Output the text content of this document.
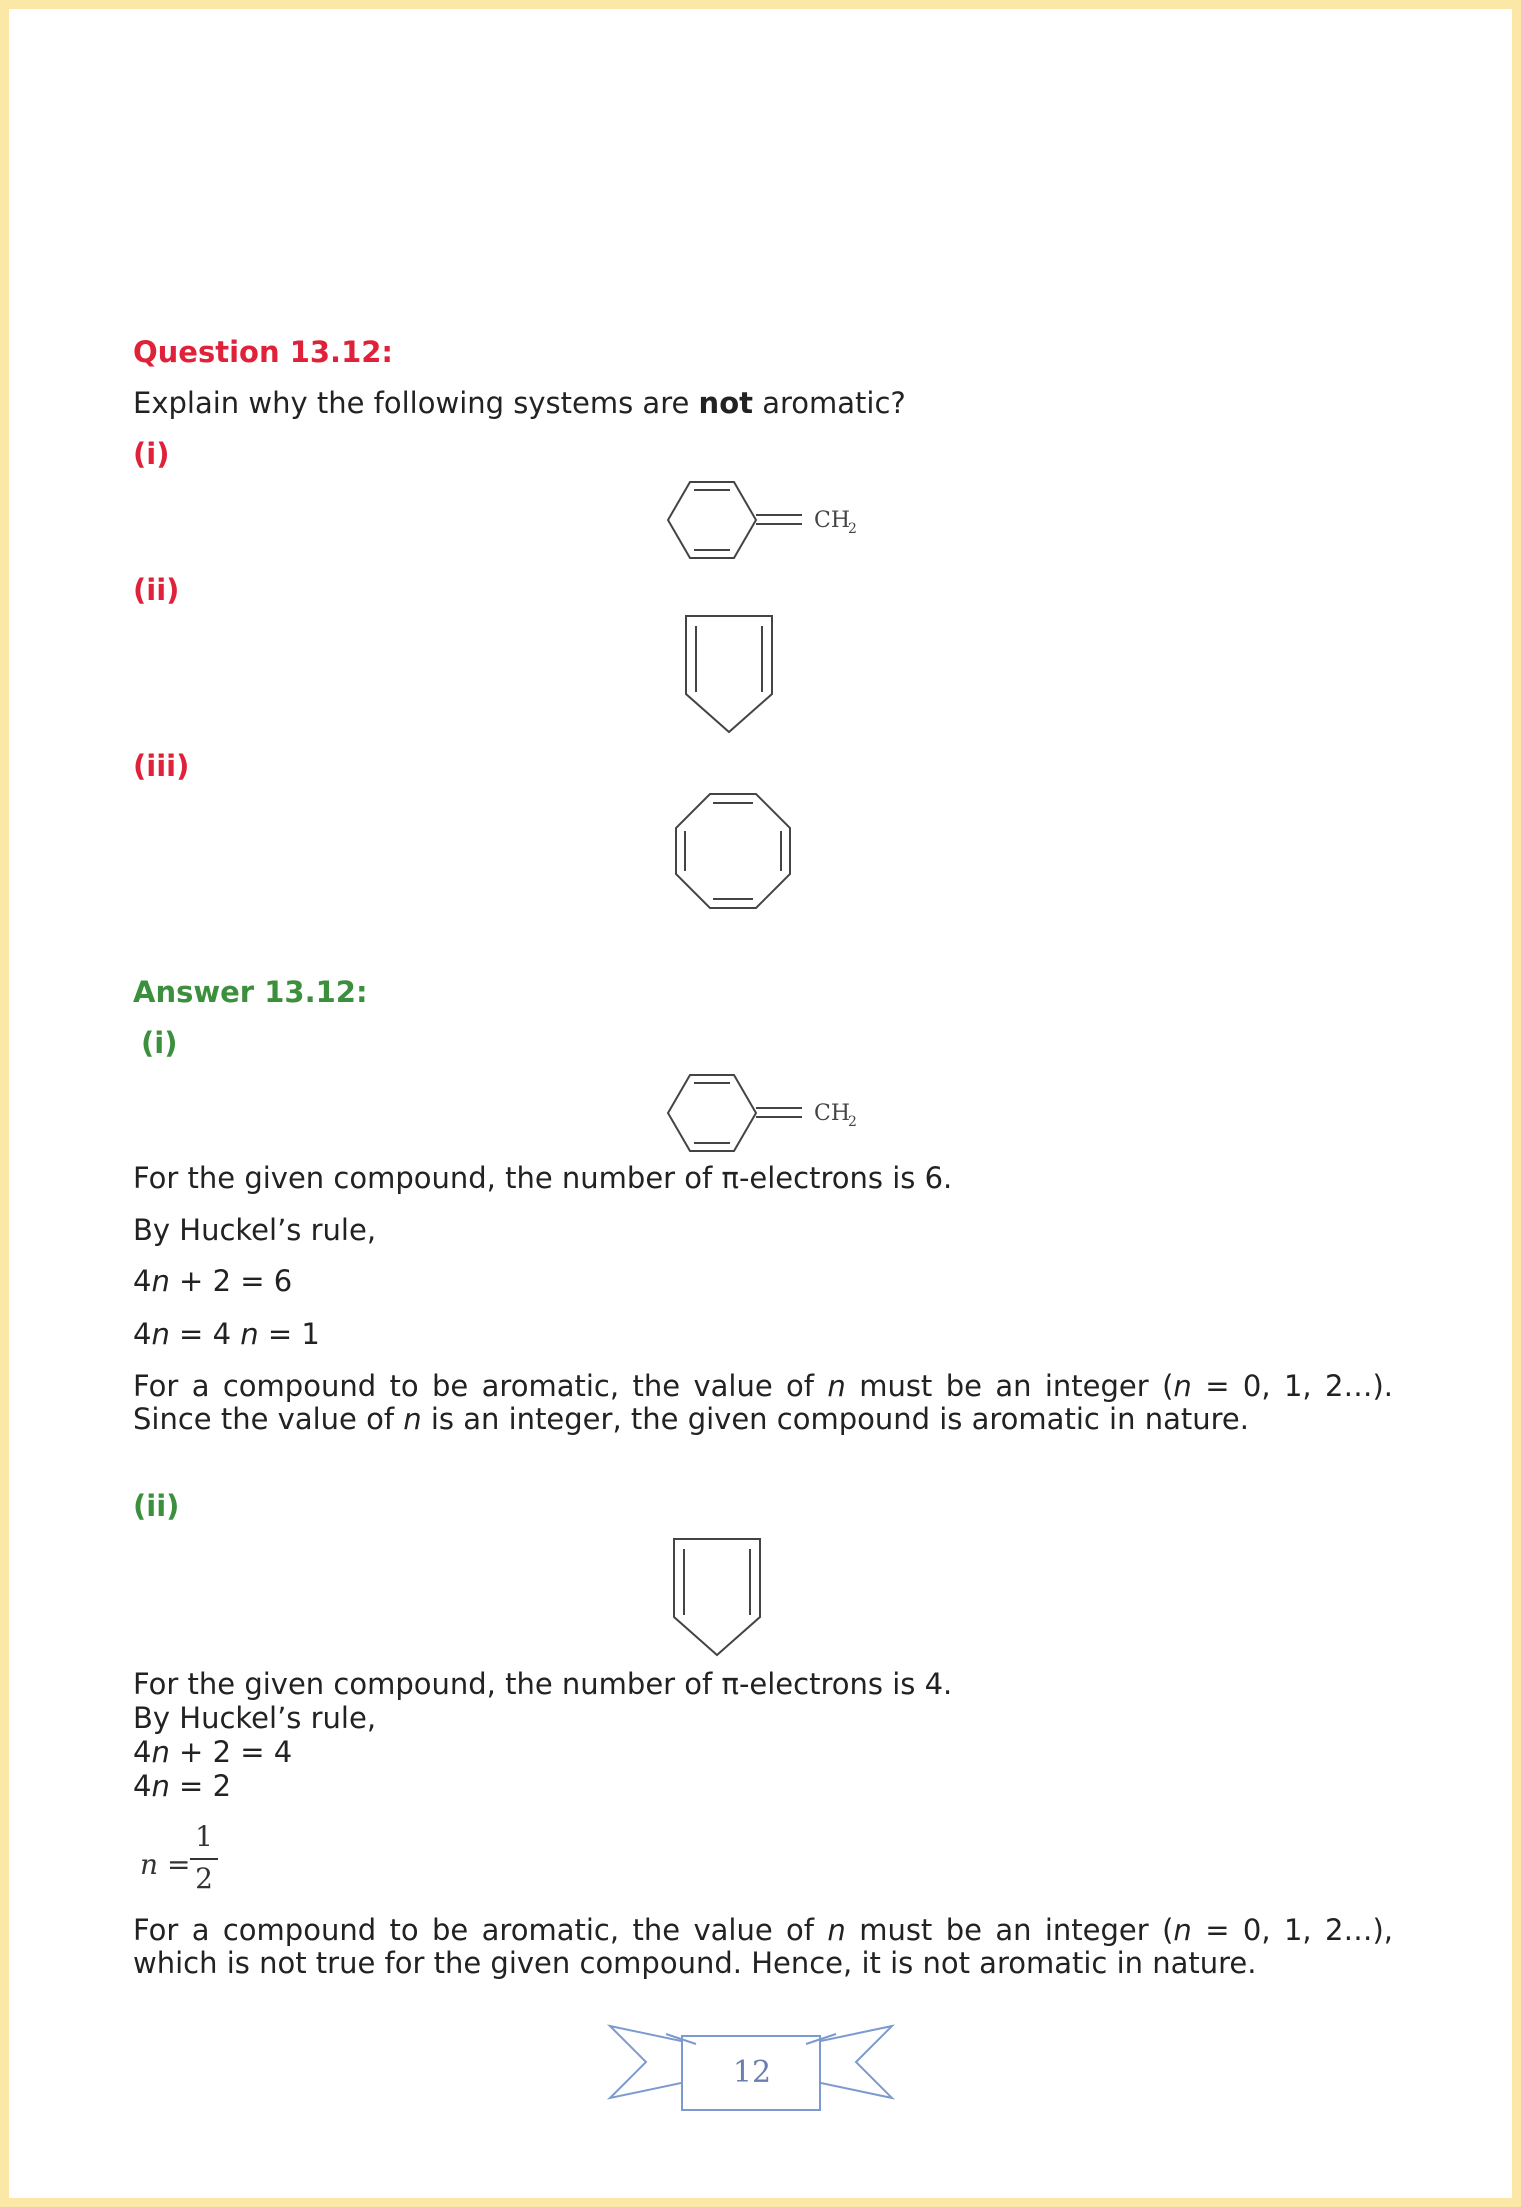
Question 13.12:
Explain why the following systems are not aromatic?
(i)
CH
2
(ii)
(iii)
Answer 13.12:
(i)
CH
2
For the given compound, the number of π-electrons is 6.
By Huckel’s rule,
4n + 2 = 6
4n = 4 n = 1
For a compound to be aromatic, the value of n must be an integer (n = 0, 1, 2…). Since the value of n is an integer, the given compound is aromatic in nature.
(ii)
For the given compound, the number of π-electrons is 4.
By Huckel’s rule,
4n + 2 = 4
4n = 2
n =
1
2
For a compound to be aromatic, the value of n must be an integer (n = 0, 1, 2…), which is not true for the given compound. Hence, it is not aromatic in nature.
12
